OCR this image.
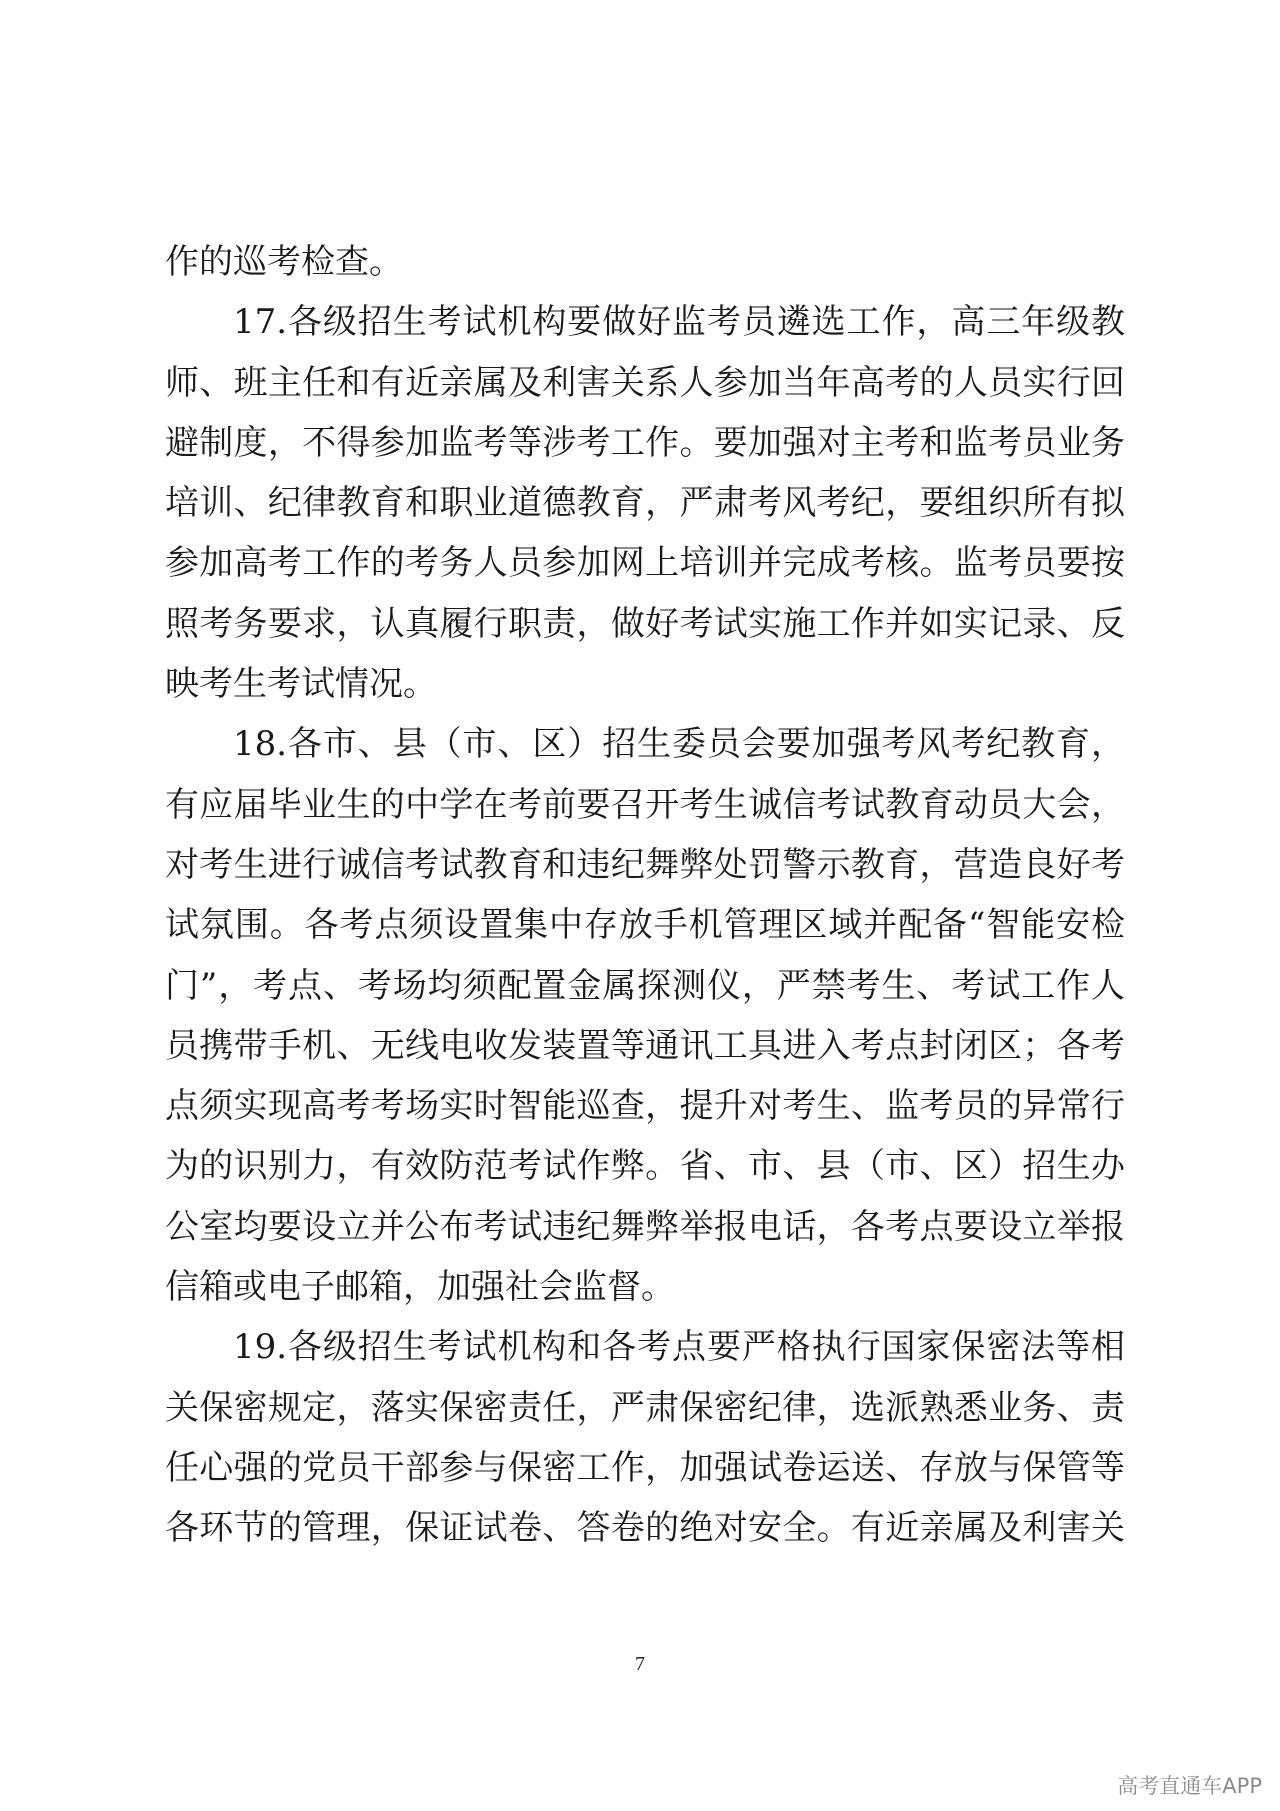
作的巡考检查。
17.各级招生考试机构要做好监考员遴选工作，高三年级教
师、班主任和有近亲属及利害关系人参加当年高考的人员实行回
避制度，不得参加监考等涉考工作。要加强对主考和监考员业务
培训、纪律教育和职业道德教育，严肃考风考纪，要组织所有拟
参加高考工作的考务人员参加网上培训并完成考核。监考员要按
照考务要求，认真履行职责，做好考试实施工作并如实记录、反
映考生考试情况。
18.各市、县（市、区）招生委员会要加强考风考纪教育，
有应届毕业生的中学在考前要召开考生诚信考试教育动员大会，
对考生进行诚信考试教育和违纪舞弊处罚警示教育，营造良好考
试氛围。各考点须设置集中存放手机管理区域并配备“智能安检
门”，考点、考场均须配置金属探测仪，严禁考生、考试工作人
员携带手机、无线电收发装置等通讯工具进入考点封闭区；各考
点须实现高考考场实时智能巡查，提升对考生、监考员的异常行
为的识别力，有效防范考试作弊。省、市、县（市、区）招生办
公室均要设立并公布考试违纪舞弊举报电话，各考点要设立举报
信箱或电子邮箱，加强社会监督。
19.各级招生考试机构和各考点要严格执行国家保密法等相
关保密规定，落实保密责任，严肃保密纪律，选派熟悉业务、责
任心强的党员干部参与保密工作，加强试卷运送、存放与保管等
各环节的管理，保证试卷、答卷的绝对安全。有近亲属及利害关
7
高考直通车APP
